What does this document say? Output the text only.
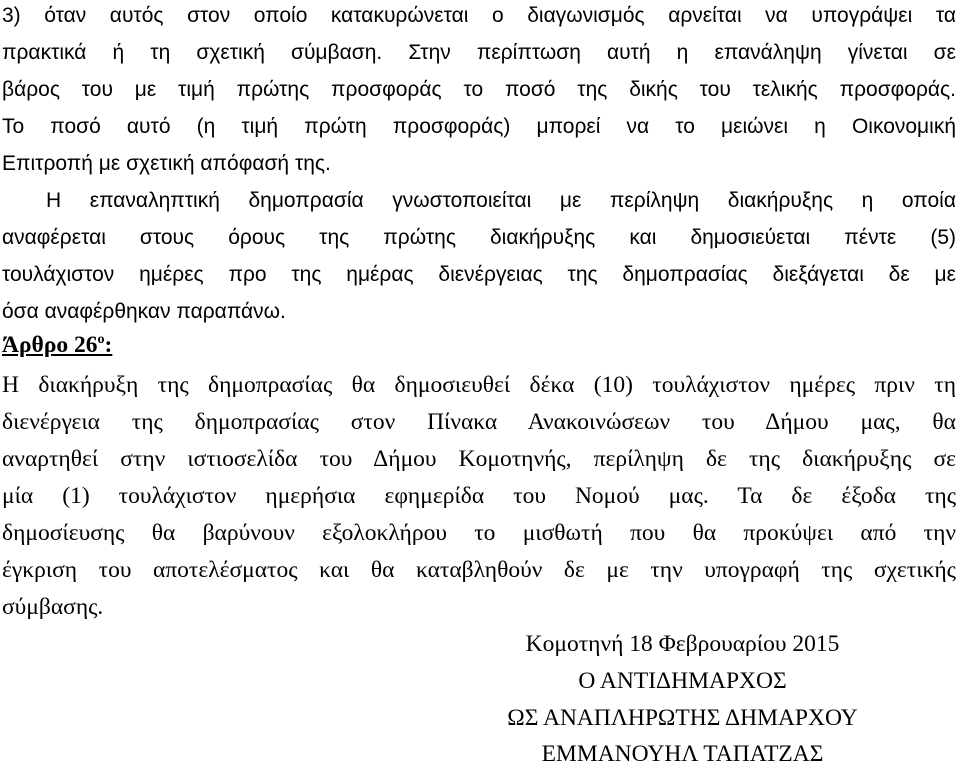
3) όταν αυτός στον οποίο κατακυρώνεται ο διαγωνισμός αρνείται να υπογράψει τα
πρακτικά ή τη σχετική σύμβαση. Στην περίπτωση αυτή η επανάληψη γίνεται σε
βάρος του με τιμή πρώτης προσφοράς το ποσό της δικής του τελικής προσφοράς.
Το ποσό αυτό (η τιμή πρώτη προσφοράς) μπορεί να το μειώνει η Οικονομική
Επιτροπή με σχετική απόφασή της.
Η επαναληπτική δημοπρασία γνωστοποιείται με περίληψη διακήρυξης η οποία
αναφέρεται στους όρους της πρώτης διακήρυξης και δημοσιεύεται πέντε (5)
τουλάχιστον ημέρες προ της ημέρας διενέργειας της δημοπρασίας διεξάγεται δε με
όσα αναφέρθηκαν παραπάνω.
Άρθρο $26^o$:
Η διακήρυξη της δημοπρασίας θα δημοσιευθεί δέκα (10) τουλάχιστον ημέρες πριν τη
διενέργεια της δημοπρασίας στον Πίνακα Ανακοινώσεων του Δήμου μας, θα
αναρτηθεί στην ιστιοσελίδα του Δήμου Κομοτηνής, περίληψη δε της διακήρυξης σε
μία (1) τουλάχιστον ημερήσια εφημερίδα του Νομού μας. Τα δε έξοδα της
δημοσίευσης θα βαρύνουν εξολοκλήρου το μισθωτή που θα προκύψει από την
έγκριση του αποτελέσματος και θα καταβληθούν δε με την υπογραφή της σχετικής
σύμβασης.
Κομοτηνή 18 Φεβρουαρίου 2015
Ο ΑΝΤΙΔΗΜΑΡΧΟΣ
ΩΣ ΑΝΑΠΛΗΡΩΤΗΣ ΔΗΜΑΡΧΟΥ
ΕΜΜΑΝΟΥΗΛ ΤΑΠΑΤΖΑΣ
